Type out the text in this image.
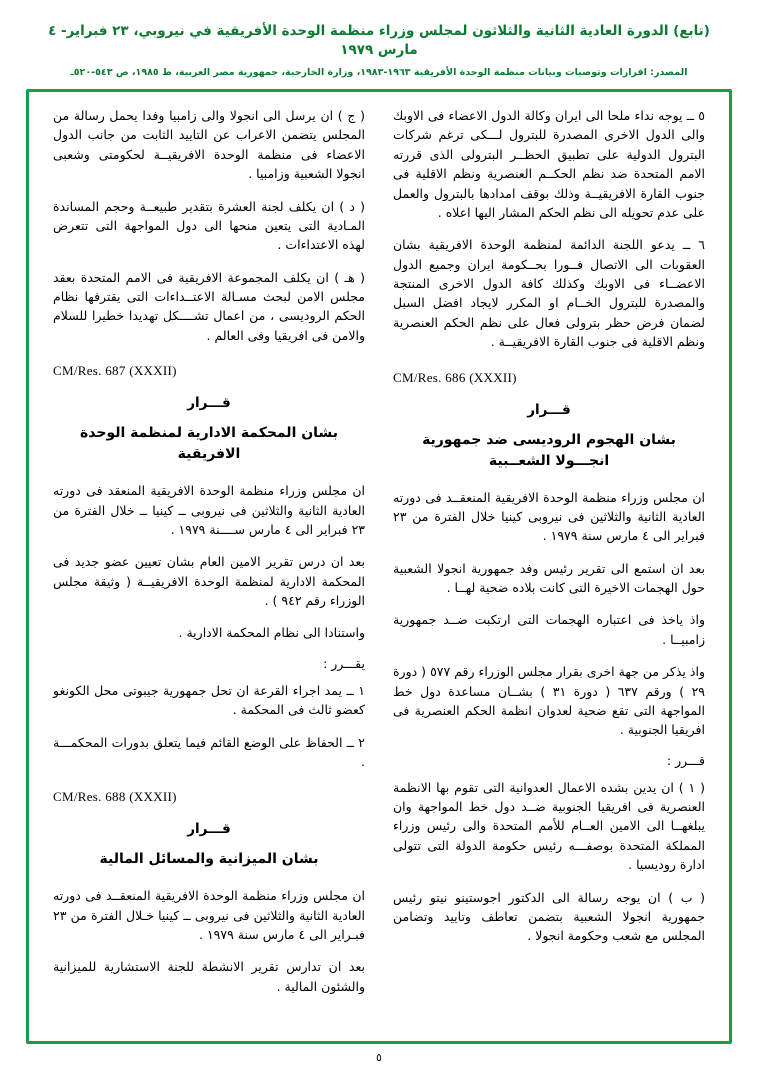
(تابع) الدورة العادية الثانية والثلاثون لمجلس وزراء منظمة الوحدة الأفريقية في نيروبي، ٢٣ فبراير- ٤ مارس ١٩٧٩
المصدر: اقرارات وتوصيات وبيانات منظمة الوحدة الأفريقية ١٩٦٣-١٩٨٣، وزارة الخارجية، جمهورية مصر العربية، ط ١٩٨٥، ص ٥٤٣-٥٢٠ـ

٥ ــ يوجه نداء ملحا الى ايران وكالة الدول الاعضاء فى الاوبك والى الدول الاخرى المصدرة للبترول لـــكى ترغم شركات البترول الدولية على تطبيق الحظــر البترولى الذى قررته الامم المتحدة ضد نظم الحكــم العنصرية ونظم الاقلية فى جنوب القارة الافريقيــة وذلك بوقف امدادها بالبترول والعمل على عدم تحويله الى نظم الحكم المشار اليها اعلاه .

٦ ــ يدعو اللجنة الدائمة لمنظمة الوحدة الافريقية بشان العقوبات الى الاتصال فــورا بحــكومة ايران وجميع الدول الاعضــاء فى الاوبك وكذلك كافة الدول الاخرى المنتجة والمصدرة للبترول الخــام او المكرر لايجاد افضل السبل لضمان فرض حظر بترولى فعال على نظم الحكم العنصرية ونظم الاقلية فى جنوب القارة الافريقيــة .

CM/Res. 686 (XXXII)
قـــرار
بشان الهجوم الرودیسی ضد جمهورية انجـــولا الشعــبية

ان مجلس وزراء منظمة الوحدة الافريقية المنعقــد فى دورته العادية الثانية والثلاثين فى نيروبى كينيا خلال الفترة من ٢٣ فبراير الى ٤ مارس سنة ١٩٧٩ .

بعد ان استمع الى تقرير رئيس وفد جمهورية انجولا الشعبية حول الهجمات الاخيرة التى كانت بلاده ضحية لهــا .

واذ ياخذ فى اعتباره الهجمات التى ارتكبت ضــد جمهورية زامبيــا .

واذ يذكر من جهة اخرى بقرار مجلس الوزراء رقم ٥٧٧ ( دورة ٢٩ ) ورقم ٦٣٧ ( دورة ٣١ ) بشــان مساعدة دول خط المواجهة التى تقع ضحية لعدوان انظمة الحكم العنصرية فى افريقيا الجنوبية .

قـــرر :

( ١ ) ان يدين بشده الاعمال العدوانية التى تقوم بها الانظمة العنصرية فى افريقيا الجنوبية ضــد دول خط المواجهة وان يبلغهــا الى الامين العــام للأمم المتحدة والى رئيس وزراء المملكة المتحدة بوصفـــه رئيس حكومة الدولة التى تتولى ادارة روديسيا .

( ب ) ان يوجه رسالة الى الدكتور اجوستينو نيتو رئيس جمهورية انجولا الشعبية بتضمن تعاطف وتاييد وتضامن المجلس مع شعب وحكومة انجولا .

( ج ) ان يرسل الى انجولا والى زامبيا وفدا يحمل رسالة من المجلس يتضمن الاعراب عن التاييد الثابت من جانب الدول الاعضاء فى منظمة الوحدة الافريقيــة لحكومتى وشعبى انجولا الشعبية وزامبيا .

( د ) ان يكلف لجنة العشرة بتقدير طبيعــة وحجم المساندة المـادية التى يتعين منحها الى دول المواجهة التى تتعرض لهذه الاعتداءات .

( هـ ) ان يكلف المجموعة الافريقية فى الامم المتحدة بعقد مجلس الامن لبحث مسـالة الاعتــداءات التى يقترفها نظام الحكم الروديسى ، من اعمال تشــــكل تهديدا خطيرا للسلام والامن فى افريقيا وفى العالم .

CM/Res. 687 (XXXII)
قـــرار
بشان المحكمة الادارية لمنظمة الوحدة الافريقية

ان مجلس وزراء منظمة الوحدة الافريقية المنعقد فى دورته العادية الثانية والثلاثين فى نيروبى ــ كينيا ــ خلال الفترة من ٢٣ فبراير الى ٤ مارس ســــنة ١٩٧٩ .

بعد ان درس تقرير الامين العام بشان تعيين عضو جديد فى المحكمة الادارية لمنظمة الوحدة الافريقيــة ( وثيقة مجلس الوزراء رقم ٩٤٢ ) .

واستنادا الى نظام المحكمة الادارية .

يقـــرر :

١ ــ يمد اجراء القرعة ان تحل جمهورية جيبوتى محل الكونغو كعضو ثالث فى المحكمة .

٢ ــ الحفاظ على الوضع القائم فيما يتعلق بدورات المحكمـــة .

CM/Res. 688 (XXXII)
قـــرار
بشان الميزانية والمسائل المالية

ان مجلس وزراء منظمة الوحدة الافريقية المنعقــد فى دورته العادية الثانية والثلاثين فى نيروبى ــ كينيا خـلال الفترة من ٢٣ فبـراير الى ٤ مارس سنة ١٩٧٩ .

بعد ان تدارس تقرير الانشطة للجنة الاستشارية للميزانية والشئون المالية .

٥
